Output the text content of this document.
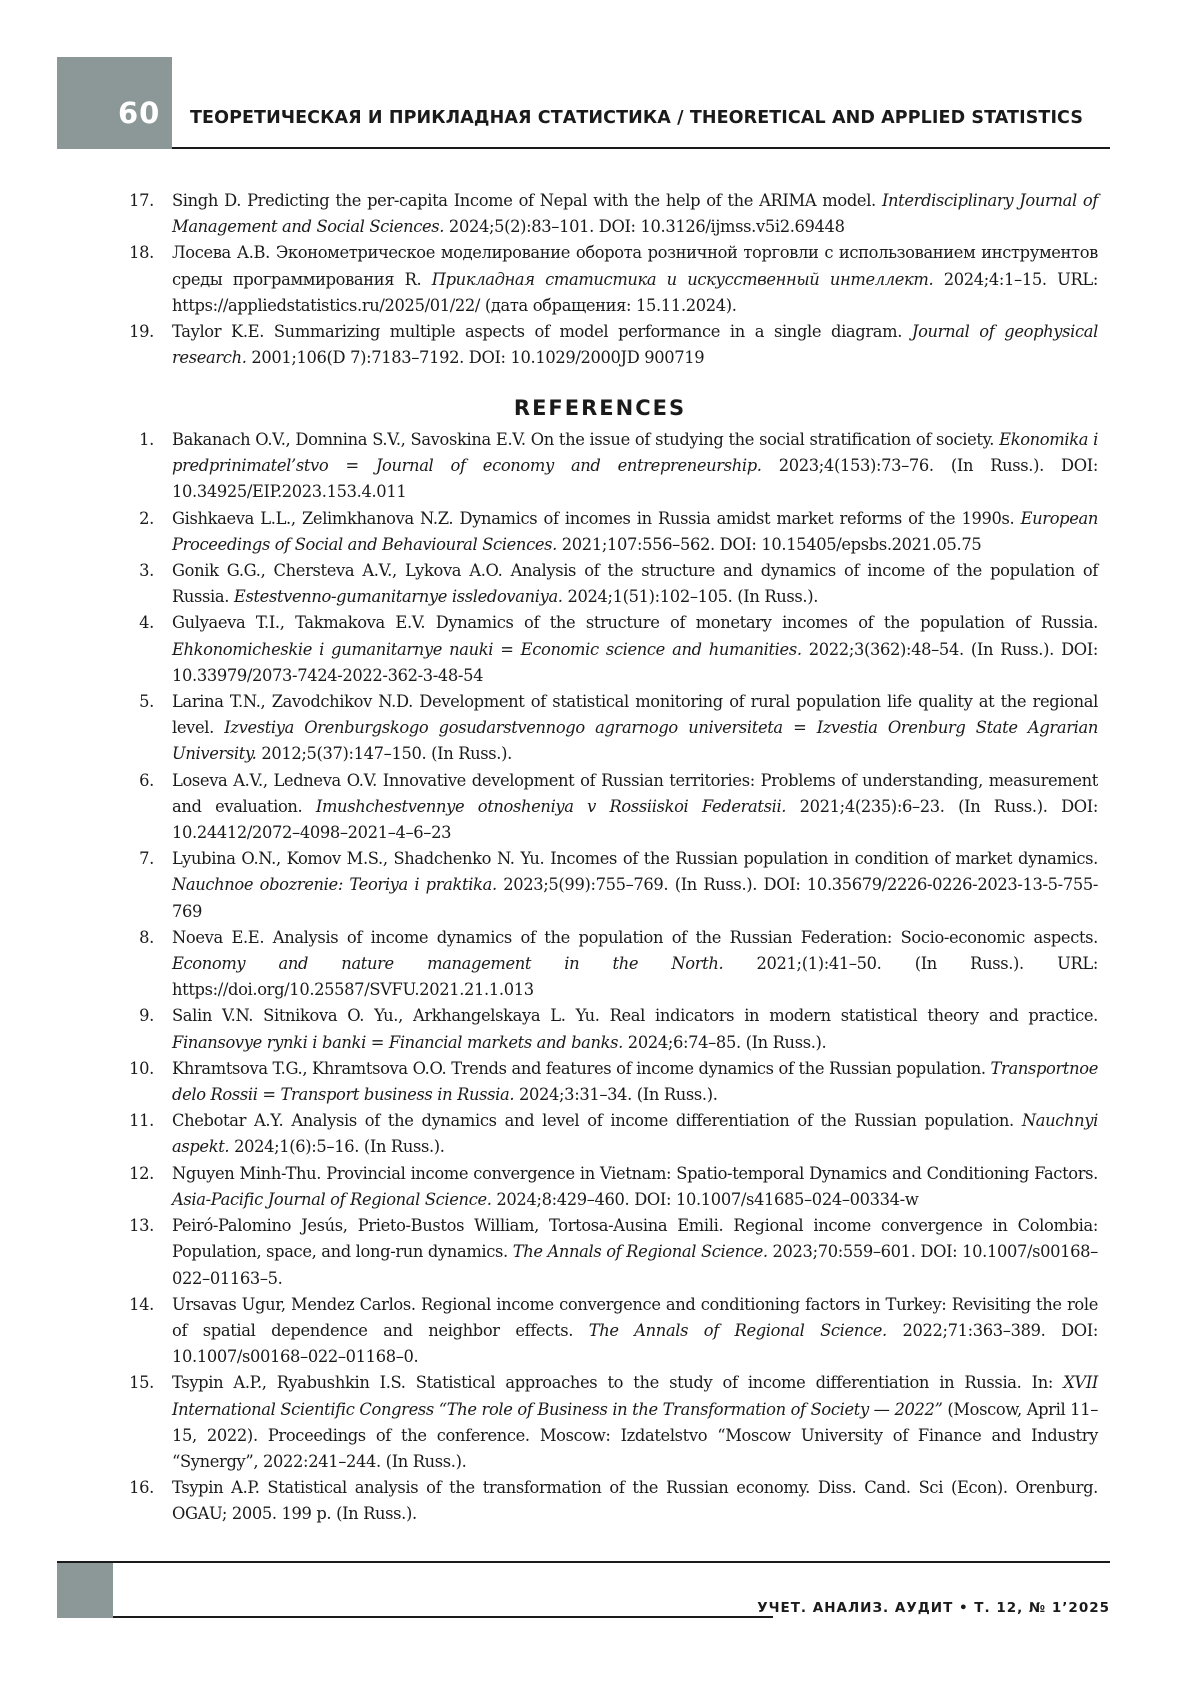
60 ТЕОРЕТИЧЕСКАЯ И ПРИКЛАДНАЯ СТАТИСТИКА / THEORETICAL AND APPLIED STATISTICS
17. Singh D. Predicting the per-capita Income of Nepal with the help of the ARIMA model. Interdisciplinary Journal of Management and Social Sciences. 2024;5(2):83–101. DOI: 10.3126/ijmss.v5i2.69448
18. Лосева А.В. Эконометрическое моделирование оборота розничной торговли с использованием инструментов среды программирования R. Прикладная статистика и искусственный интеллект. 2024;4:1–15. URL: https://appliedstatistics.ru/2025/01/22/ (дата обращения: 15.11.2024).
19. Taylor K.E. Summarizing multiple aspects of model performance in a single diagram. Journal of geophysical research. 2001;106(D 7):7183–7192. DOI: 10.1029/2000JD 900719
REFERENCES
1. Bakanach O.V., Domnina S.V., Savoskina E.V. On the issue of studying the social stratification of society. Ekonomika i predprinimatel’stvo = Journal of economy and entrepreneurship. 2023;4(153):73–76. (In Russ.). DOI: 10.34925/EIP.2023.153.4.011
2. Gishkaeva L.L., Zelimkhanova N.Z. Dynamics of incomes in Russia amidst market reforms of the 1990s. European Proceedings of Social and Behavioural Sciences. 2021;107:556–562. DOI: 10.15405/epsbs.2021.05.75
3. Gonik G.G., Chersteva A.V., Lykova A.O. Analysis of the structure and dynamics of income of the population of Russia. Estestvenno-gumanitarnye issledovaniya. 2024;1(51):102–105. (In Russ.).
4. Gulyaeva T.I., Takmakova E.V. Dynamics of the structure of monetary incomes of the population of Russia. Ehkonomicheskie i gumanitarnye nauki = Economic science and humanities. 2022;3(362):48–54. (In Russ.). DOI: 10.33979/2073-7424-2022-362-3-48-54
5. Larina T.N., Zavodchikov N.D. Development of statistical monitoring of rural population life quality at the regional level. Izvestiya Orenburgskogo gosudarstvennogo agrarnogo universiteta = Izvestia Orenburg State Agrarian University. 2012;5(37):147–150. (In Russ.).
6. Loseva A.V., Ledneva O.V. Innovative development of Russian territories: Problems of understanding, measurement and evaluation. Imushchestvennye otnosheniya v Rossiiskoi Federatsii. 2021;4(235):6–23. (In Russ.). DOI: 10.24412/2072–4098–2021–4–6–23
7. Lyubina O.N., Komov M.S., Shadchenko N. Yu. Incomes of the Russian population in condition of market dynamics. Nauchnoe obozrenie: Teoriya i praktika. 2023;5(99):755–769. (In Russ.). DOI: 10.35679/2226-0226-2023-13-5-755-769
8. Noeva E.E. Analysis of income dynamics of the population of the Russian Federation: Socio-economic aspects. Economy and nature management in the North. 2021;(1):41–50. (In Russ.). URL: https://doi.org/10.25587/SVFU.2021.21.1.013
9. Salin V.N. Sitnikova O. Yu., Arkhangelskaya L. Yu. Real indicators in modern statistical theory and practice. Finansovye rynki i banki = Financial markets and banks. 2024;6:74–85. (In Russ.).
10. Khramtsova T.G., Khramtsova O.O. Trends and features of income dynamics of the Russian population. Transportnoe delo Rossii = Transport business in Russia. 2024;3:31–34. (In Russ.).
11. Chebotar A.Y. Analysis of the dynamics and level of income differentiation of the Russian population. Nauchnyi aspekt. 2024;1(6):5–16. (In Russ.).
12. Nguyen Minh-Thu. Provincial income convergence in Vietnam: Spatio-temporal Dynamics and Conditioning Factors. Asia-Pacific Journal of Regional Science. 2024;8:429–460. DOI: 10.1007/s41685–024–00334-w
13. Peiró-Palomino Jesús, Prieto-Bustos William, Tortosa-Ausina Emili. Regional income convergence in Colombia: Population, space, and long-run dynamics. The Annals of Regional Science. 2023;70:559–601. DOI: 10.1007/s00168–022–01163–5.
14. Ursavas Ugur, Mendez Carlos. Regional income convergence and conditioning factors in Turkey: Revisiting the role of spatial dependence and neighbor effects. The Annals of Regional Science. 2022;71:363–389. DOI: 10.1007/s00168–022–01168–0.
15. Tsypin A.P., Ryabushkin I.S. Statistical approaches to the study of income differentiation in Russia. In: XVII International Scientific Congress “The role of Business in the Transformation of Society — 2022” (Moscow, April 11–15, 2022). Proceedings of the conference. Moscow: Izdatelstvo “Moscow University of Finance and Industry “Synergy”, 2022:241–244. (In Russ.).
16. Tsypin A.P. Statistical analysis of the transformation of the Russian economy. Diss. Cand. Sci (Econ). Orenburg. OGAU; 2005. 199 p. (In Russ.).
УЧЕТ. АНАЛИЗ. АУДИТ • Т. 12, № 1’2025
